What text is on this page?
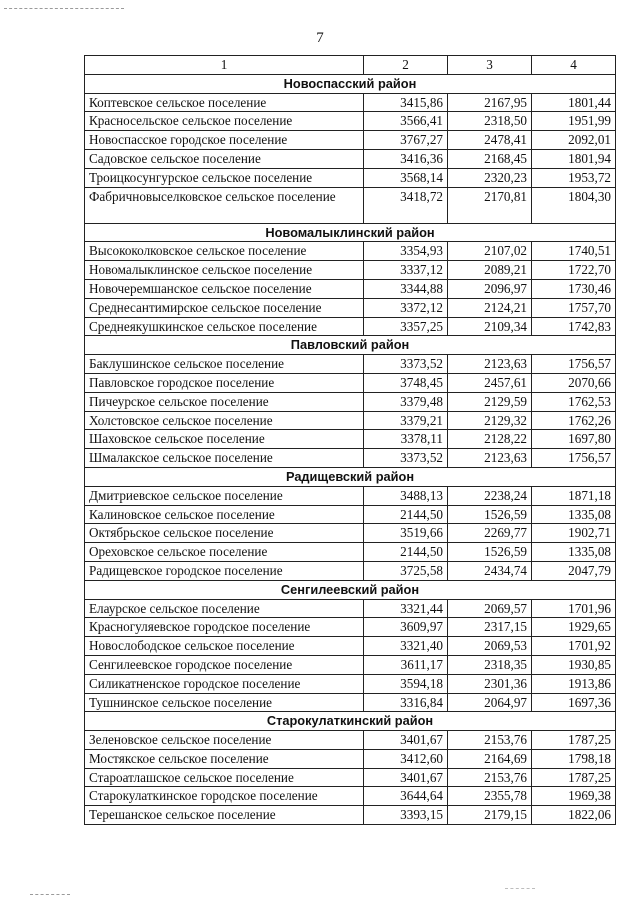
7
1	2	3	4
Новоспасский район			
Коптевское сельское поселение	3415,86	2167,95	1801,44
Красносельское сельское поселение	3566,41	2318,50	1951,99
Новоспасское городское поселение	3767,27	2478,41	2092,01
Садовское сельское поселение	3416,36	2168,45	1801,94
Троицкосунгурское сельское поселение	3568,14	2320,23	1953,72
Фабричновыселковское сельское поселение	3418,72	2170,81	1804,30
Новомалыклинский район			
Высококолковское сельское поселение	3354,93	2107,02	1740,51
Новомалыклинское сельское поселение	3337,12	2089,21	1722,70
Новочеремшанское сельское поселение	3344,88	2096,97	1730,46
Среднесантимирское сельское поселение	3372,12	2124,21	1757,70
Среднеякушкинское сельское поселение	3357,25	2109,34	1742,83
Павловский район			
Баклушинское сельское поселение	3373,52	2123,63	1756,57
Павловское городское поселение	3748,45	2457,61	2070,66
Пичеурское сельское поселение	3379,48	2129,59	1762,53
Холстовское сельское поселение	3379,21	2129,32	1762,26
Шаховское сельское поселение	3378,11	2128,22	1697,80
Шмалакское сельское поселение	3373,52	2123,63	1756,57
Радищевский район			
Дмитриевское сельское поселение	3488,13	2238,24	1871,18
Калиновское сельское поселение	2144,50	1526,59	1335,08
Октябрьское сельское поселение	3519,66	2269,77	1902,71
Ореховское сельское поселение	2144,50	1526,59	1335,08
Радищевское городское поселение	3725,58	2434,74	2047,79
Сенгилеевский район			
Елаурское сельское поселение	3321,44	2069,57	1701,96
Красногуляевское городское поселение	3609,97	2317,15	1929,65
Новослободское сельское поселение	3321,40	2069,53	1701,92
Сенгилеевское городское поселение	3611,17	2318,35	1930,85
Силикатненское городское поселение	3594,18	2301,36	1913,86
Тушнинское сельское поселение	3316,84	2064,97	1697,36
Старокулаткинский район			
Зеленовское сельское поселение	3401,67	2153,76	1787,25
Мостякское сельское поселение	3412,60	2164,69	1798,18
Староатлашское сельское поселение	3401,67	2153,76	1787,25
Старокулаткинское городское поселение	3644,64	2355,78	1969,38
Терешанское сельское поселение	3393,15	2179,15	1822,06
